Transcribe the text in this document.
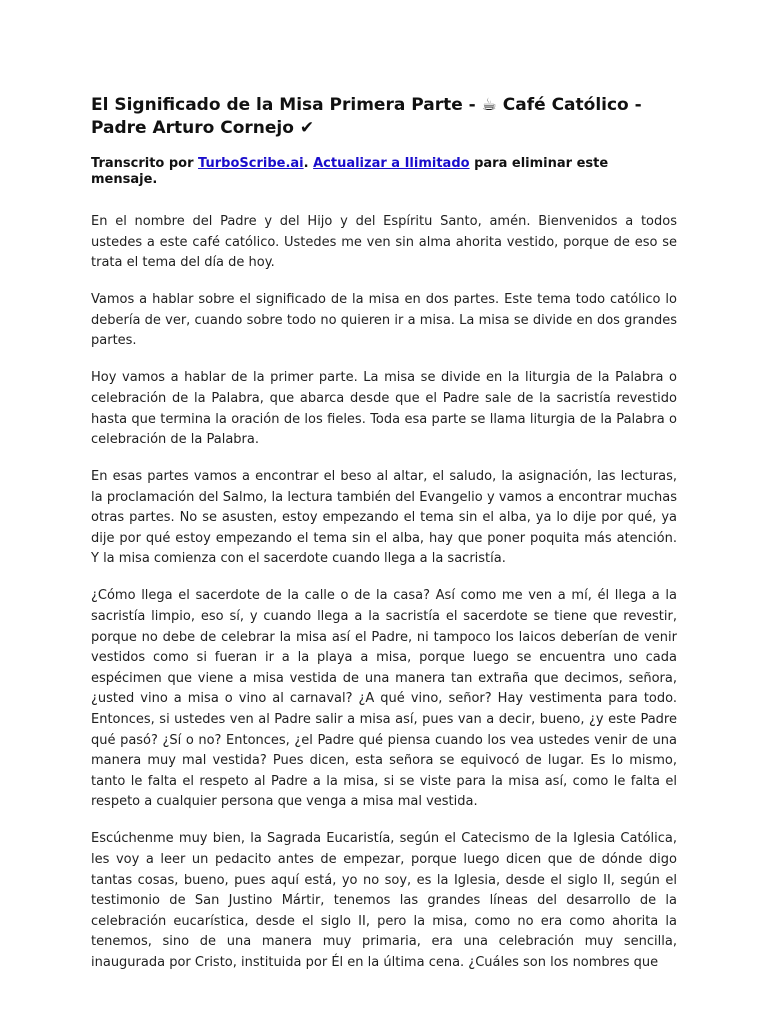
El Significado de la Misa Primera Parte - ☕ Café Católico - Padre Arturo Cornejo ✔

Transcrito por TurboScribe.ai. Actualizar a Ilimitado para eliminar este mensaje.

En el nombre del Padre y del Hijo y del Espíritu Santo, amén. Bienvenidos a todos ustedes a este café católico. Ustedes me ven sin alma ahorita vestido, porque de eso se trata el tema del día de hoy.

Vamos a hablar sobre el significado de la misa en dos partes. Este tema todo católico lo debería de ver, cuando sobre todo no quieren ir a misa. La misa se divide en dos grandes partes.

Hoy vamos a hablar de la primer parte. La misa se divide en la liturgia de la Palabra o celebración de la Palabra, que abarca desde que el Padre sale de la sacristía revestido hasta que termina la oración de los fieles. Toda esa parte se llama liturgia de la Palabra o celebración de la Palabra.

En esas partes vamos a encontrar el beso al altar, el saludo, la asignación, las lecturas, la proclamación del Salmo, la lectura también del Evangelio y vamos a encontrar muchas otras partes. No se asusten, estoy empezando el tema sin el alba, ya lo dije por qué, ya dije por qué estoy empezando el tema sin el alba, hay que poner poquita más atención. Y la misa comienza con el sacerdote cuando llega a la sacristía.

¿Cómo llega el sacerdote de la calle o de la casa? Así como me ven a mí, él llega a la sacristía limpio, eso sí, y cuando llega a la sacristía el sacerdote se tiene que revestir, porque no debe de celebrar la misa así el Padre, ni tampoco los laicos deberían de venir vestidos como si fueran ir a la playa a misa, porque luego se encuentra uno cada espécimen que viene a misa vestida de una manera tan extraña que decimos, señora, ¿usted vino a misa o vino al carnaval? ¿A qué vino, señor? Hay vestimenta para todo. Entonces, si ustedes ven al Padre salir a misa así, pues van a decir, bueno, ¿y este Padre qué pasó? ¿Sí o no? Entonces, ¿el Padre qué piensa cuando los vea ustedes venir de una manera muy mal vestida? Pues dicen, esta señora se equivocó de lugar. Es lo mismo, tanto le falta el respeto al Padre a la misa, si se viste para la misa así, como le falta el respeto a cualquier persona que venga a misa mal vestida.

Escúchenme muy bien, la Sagrada Eucaristía, según el Catecismo de la Iglesia Católica, les voy a leer un pedacito antes de empezar, porque luego dicen que de dónde digo tantas cosas, bueno, pues aquí está, yo no soy, es la Iglesia, desde el siglo II, según el testimonio de San Justino Mártir, tenemos las grandes líneas del desarrollo de la celebración eucarística, desde el siglo II, pero la misa, como no era como ahorita la tenemos, sino de una manera muy primaria, era una celebración muy sencilla, inaugurada por Cristo, instituida por Él en la última cena. ¿Cuáles son los nombres que
